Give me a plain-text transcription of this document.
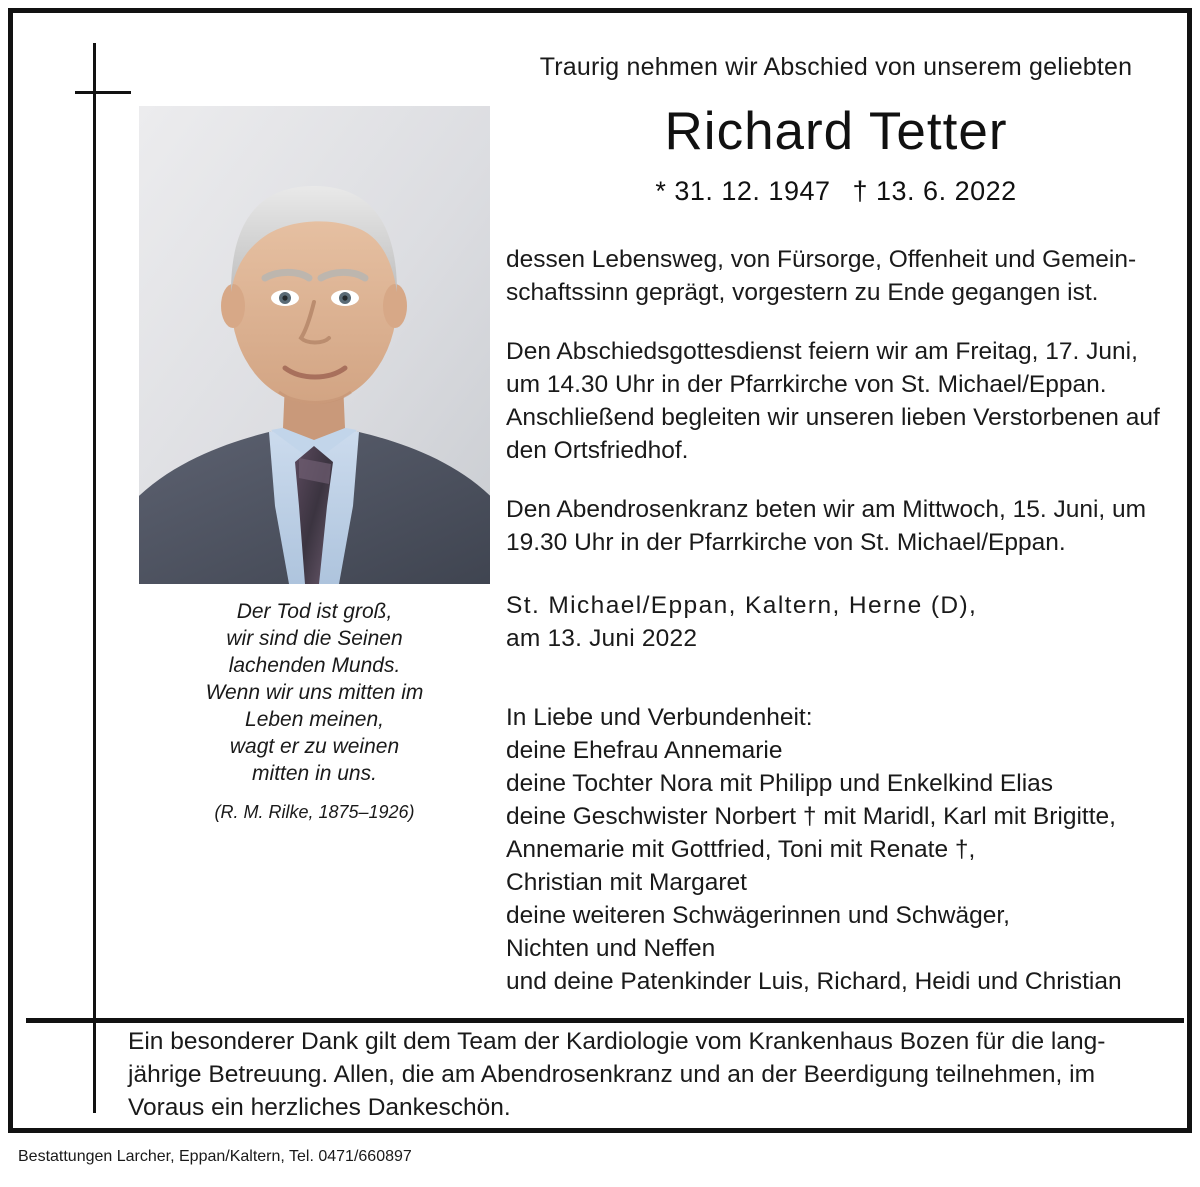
Der Tod ist groß,
wir sind die Seinen
lachenden Munds.
Wenn wir uns mitten im
Leben meinen,
wagt er zu weinen
mitten in uns.
(R. M. Rilke, 1875–1926)
Traurig nehmen wir Abschied von unserem geliebten
Richard Tetter
* 31. 12. 1947 † 13. 6. 2022
dessen Lebensweg, von Fürsorge, Offenheit und Gemein-schaftssinn geprägt, vorgestern zu Ende gegangen ist.
Den Abschiedsgottesdienst feiern wir am Freitag, 17. Juni, um 14.30 Uhr in der Pfarrkirche von St. Michael/Eppan. Anschließend begleiten wir unseren lieben Verstorbenen auf den Ortsfriedhof.
Den Abendrosenkranz beten wir am Mittwoch, 15. Juni, um 19.30 Uhr in der Pfarrkirche von St. Michael/Eppan.
St. Michael/Eppan, Kaltern, Herne (D),
am 13. Juni 2022
In Liebe und Verbundenheit:
deine Ehefrau Annemarie
deine Tochter Nora mit Philipp und Enkelkind Elias
deine Geschwister Norbert † mit Maridl, Karl mit Brigitte,
Annemarie mit Gottfried, Toni mit Renate †,
Christian mit Margaret
deine weiteren Schwägerinnen und Schwäger,
Nichten und Neffen
und deine Patenkinder Luis, Richard, Heidi und Christian
Ein besonderer Dank gilt dem Team der Kardiologie vom Krankenhaus Bozen für die lang-jährige Betreuung. Allen, die am Abendrosenkranz und an der Beerdigung teilnehmen, im Voraus ein herzliches Dankeschön.
Bestattungen Larcher, Eppan/Kaltern, Tel. 0471/660897
